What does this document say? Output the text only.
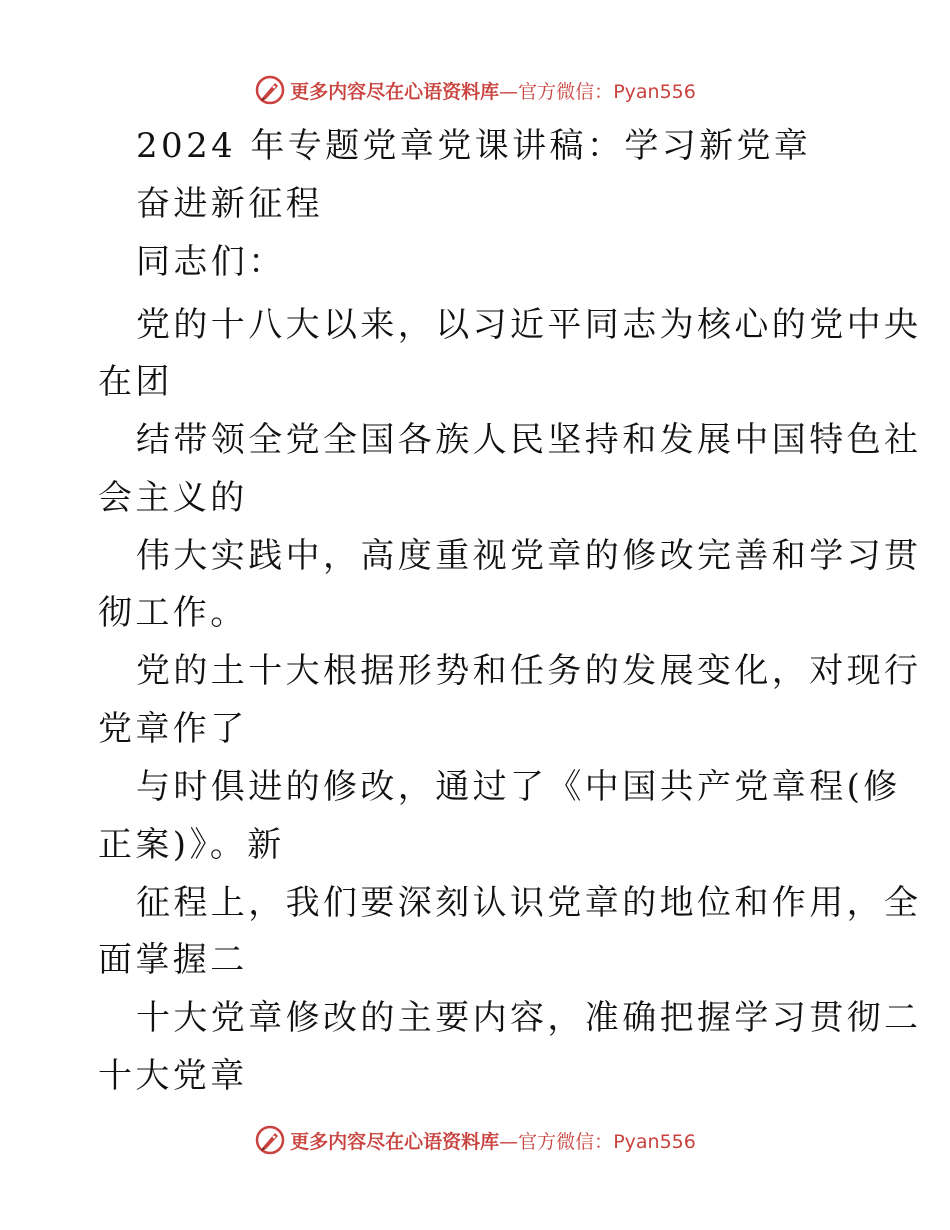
更多内容尽在心语资料库—官方微信：Pyan556
2024 年专题党章党课讲稿：学习新党章
奋进新征程
同志们：
党的十八大以来，以习近平同志为核心的党中央
在团
结带领全党全国各族人民坚持和发展中国特色社
会主义的
伟大实践中，高度重视党章的修改完善和学习贯
彻工作。
党的土十大根据形势和任务的发展变化，对现行
党章作了
与时俱进的修改，通过了《中国共产党章程(修
正案)》。新
征程上，我们要深刻认识党章的地位和作用，全
面掌握二
十大党章修改的主要内容，准确把握学习贯彻二
十大党章
更多内容尽在心语资料库—官方微信：Pyan556
